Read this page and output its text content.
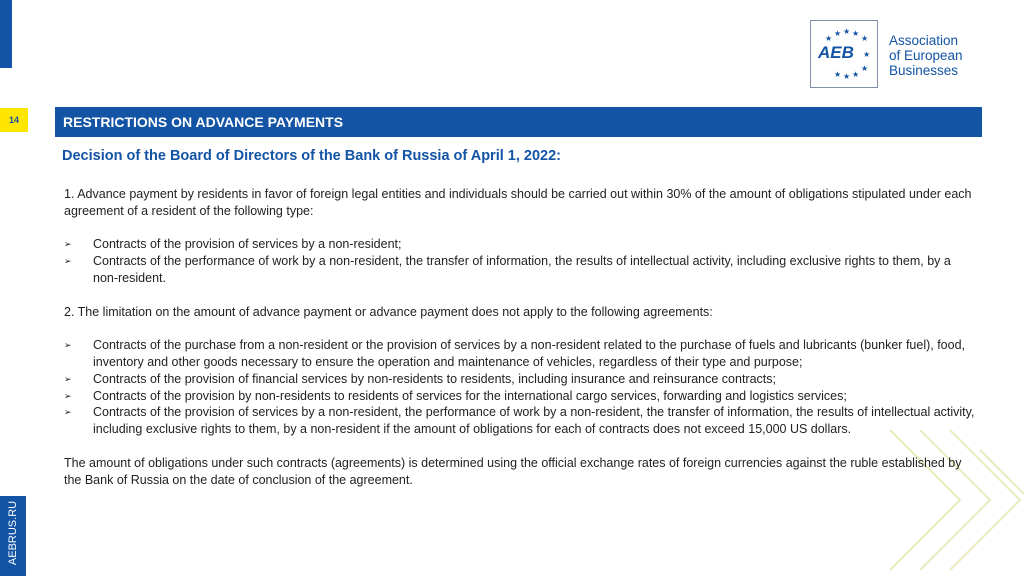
14
★
★ ★ ★
★
★
★
★
★
★
AEB
Association
of European
Businesses
RESTRICTIONS ON ADVANCE PAYMENTS
Decision of the Board of Directors of the Bank of Russia of April 1, 2022:

1. Advance payment by residents in favor of foreign legal entities and individuals should be carried out within 30% of the amount of obligations stipulated under each agreement of a resident of the following type:

➢ Contracts of the provision of services by a non-resident;
➢ Contracts of the performance of work by a non-resident, the transfer of information, the results of intellectual activity, including exclusive rights to them, by a non-resident.

2. The limitation on the amount of advance payment or advance payment does not apply to the following agreements:

➢ Contracts of the purchase from a non-resident or the provision of services by a non-resident related to the purchase of fuels and lubricants (bunker fuel), food, inventory and other goods necessary to ensure the operation and maintenance of vehicles, regardless of their type and purpose;
➢ Contracts of the provision of financial services by non-residents to residents, including insurance and reinsurance contracts;
➢ Contracts of the provision by non-residents to residents of services for the international cargo services, forwarding and logistics services;
➢ Contracts of the provision of services by a non-resident, the performance of work by a non-resident, the transfer of information, the results of intellectual activity, including exclusive rights to them, by a non-resident if the amount of obligations for each of contracts does not exceed 15,000 US dollars.

The amount of obligations under such contracts (agreements) is determined using the official exchange rates of foreign currencies against the ruble established by the Bank of Russia on the date of conclusion of the agreement.

AEBRUS.RU
